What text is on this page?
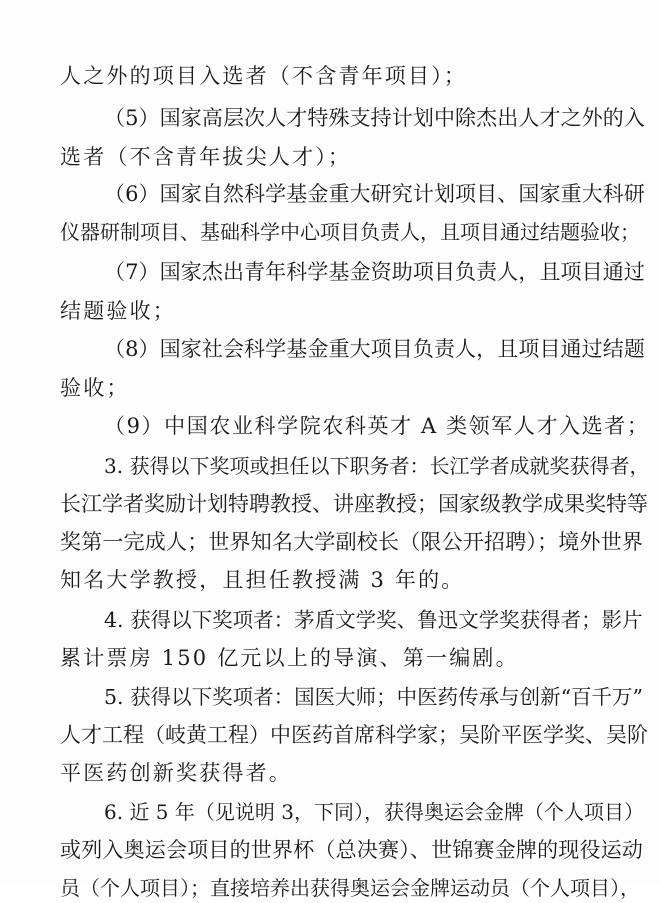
人之外的项目入选者（不含青年项目）；
（5）国家高层次人才特殊支持计划中除杰出人才之外的入
选者（不含青年拔尖人才）；
（6）国家自然科学基金重大研究计划项目、国家重大科研
仪器研制项目、基础科学中心项目负责人，且项目通过结题验收；
（7）国家杰出青年科学基金资助项目负责人，且项目通过
结题验收；
（8）国家社会科学基金重大项目负责人，且项目通过结题
验收；
（9）中国农业科学院农科英才 A 类领军人才入选者；
3. 获得以下奖项或担任以下职务者：长江学者成就奖获得者，
长江学者奖励计划特聘教授、讲座教授；国家级教学成果奖特等
奖第一完成人；世界知名大学副校长（限公开招聘）；境外世界
知名大学教授，且担任教授满 3 年的。
4. 获得以下奖项者：茅盾文学奖、鲁迅文学奖获得者；影片
累计票房 150 亿元以上的导演、第一编剧。
5. 获得以下奖项者：国医大师；中医药传承与创新“百千万”
人才工程（岐黄工程）中医药首席科学家；吴阶平医学奖、吴阶
平医药创新奖获得者。
6. 近 5 年（见说明 3，下同），获得奥运会金牌（个人项目）
或列入奥运会项目的世界杯（总决赛）、世锦赛金牌的现役运动
员（个人项目）；直接培养出获得奥运会金牌运动员（个人项目），
